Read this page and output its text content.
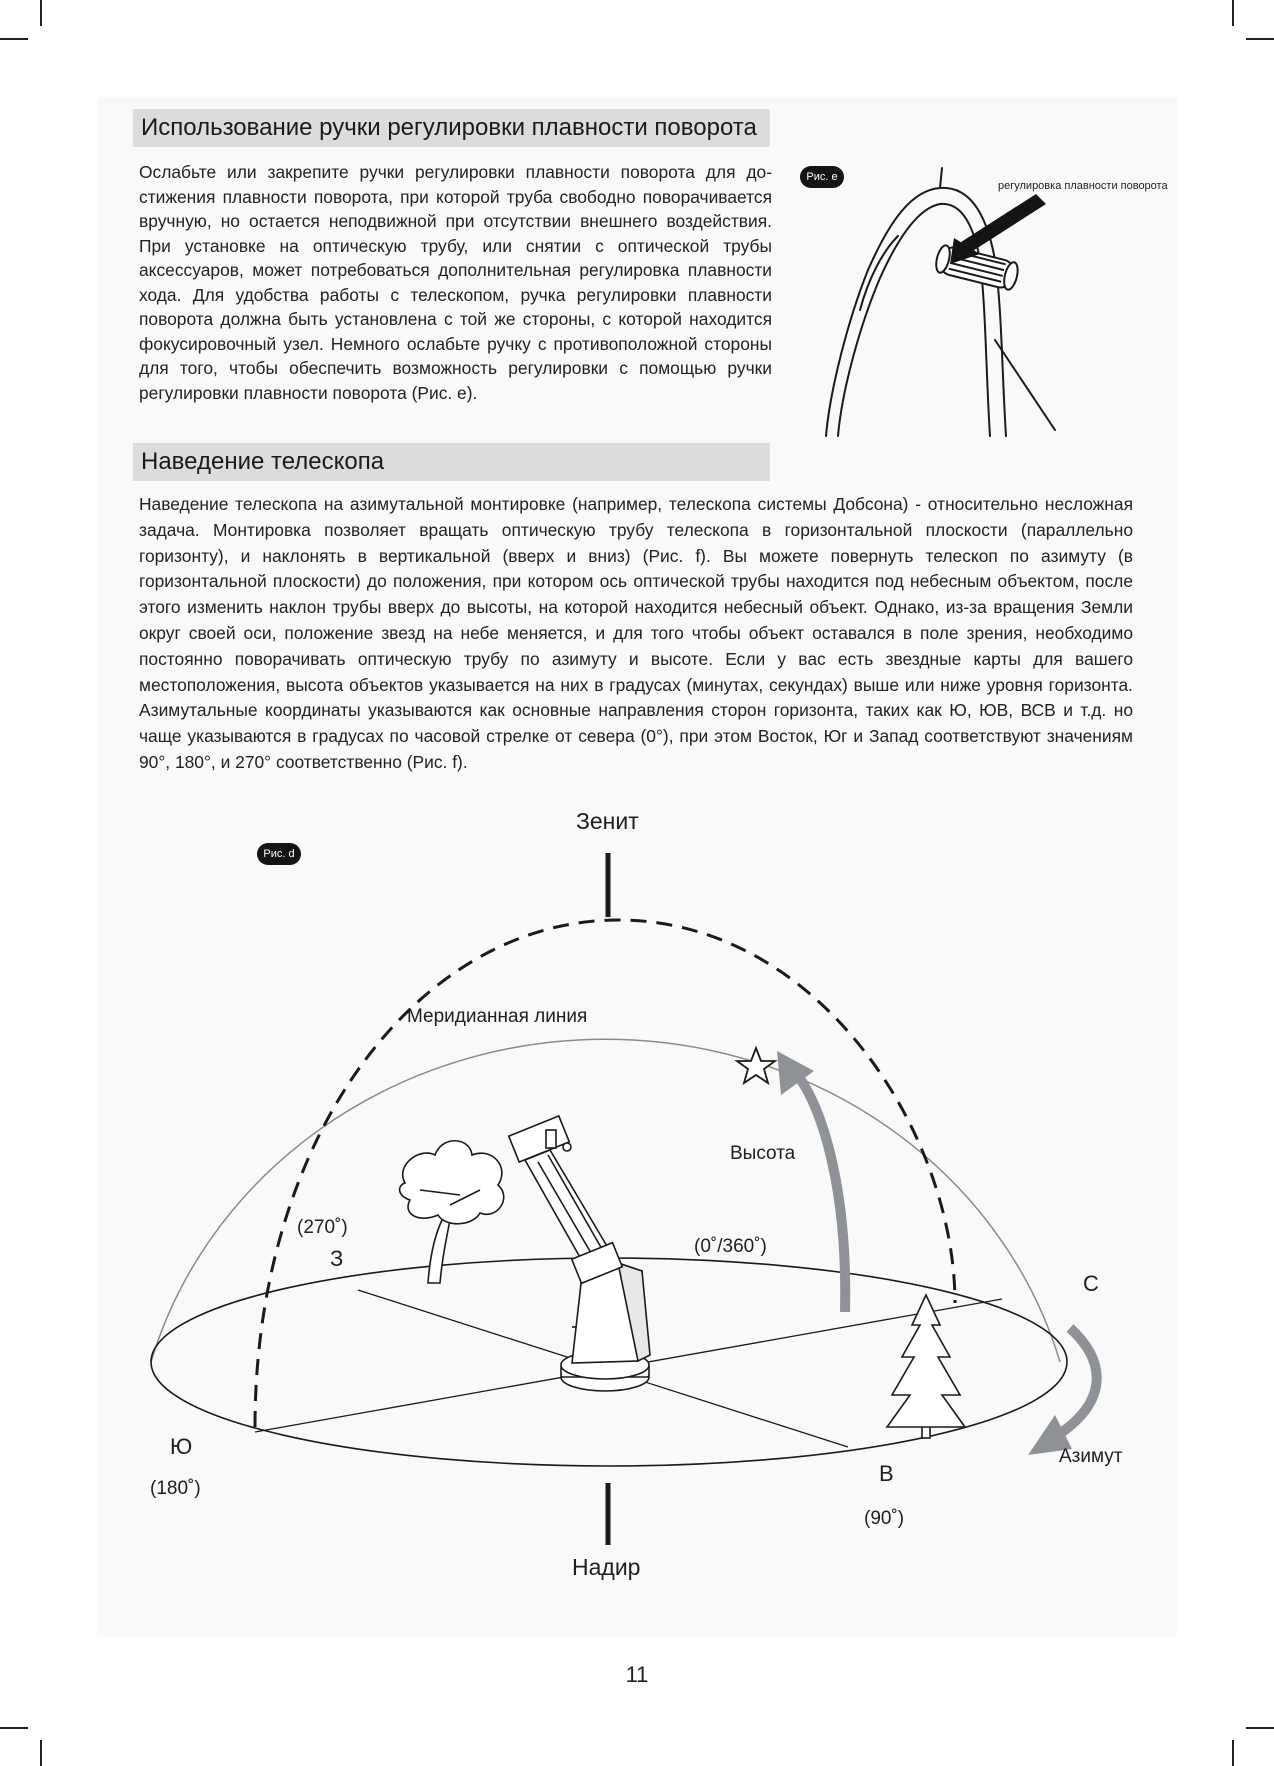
Использование ручки регулировки плавности поворота

Ослабьте или закрепите ручки регулировки плавности поворота для достижения плавности поворота, при которой труба свободно поворачивается вручную, но остается неподвижной при отсутствии внешнего воздействия. При установке на оптическую трубу, или снятии с оптической трубы аксессуаров, может потребоваться дополнительная регулировка плавности хода. Для удобства работы с телескопом, ручка регулировки плавности поворота должна быть установлена с той же стороны, с которой находится фокусировочный узел. Немного ослабьте ручку с противоположной стороны для того, чтобы обеспечить возможность регулировки с помощью ручки регулировки плавности поворота (Рис. е).

Рис. е
регулировка плавности поворота
Наведение телескопа

Наведение телескопа на азимутальной монтировке (например, телескопа системы Добсона) - относительно несложная задача. Монтировка позволяет вращать оптическую трубу телескопа в горизонтальной плоскости (параллельно горизонту), и наклонять в вертикальной (вверх и вниз) (Рис. f). Вы можете повернуть телескоп по азимуту (в горизонтальной плоскости) до положения, при котором ось оптической трубы находится под небесным объектом, после этого изменить наклон трубы вверх до высоты, на которой находится небесный объект. Однако, из-за вращения Земли округ своей оси, положение звезд на небе меняется, и для того чтобы объект оставался в поле зрения, необходимо постоянно поворачивать оптическую трубу по азимуту и высоте. Если у вас есть звездные карты для вашего местоположения, высота объектов указывается на них в градусах (минутах, секундах) выше или ниже уровня горизонта. Азимутальные координаты указываются как основные направления сторон горизонта, таких как Ю, ЮВ, ВСВ и т.д. но чаще указываются в градусах по часовой стрелке от севера (0°), при этом Восток, Юг и Запад соответствуют значениям 90°, 180°, и 270° соответственно (Рис. f).

Рис. d
Зенит
Меридианная линия
Высота
(270˚)
З	(0˚/360˚)
С
Ю
(180˚)
Азимут
В
(90˚)
Надир
11
